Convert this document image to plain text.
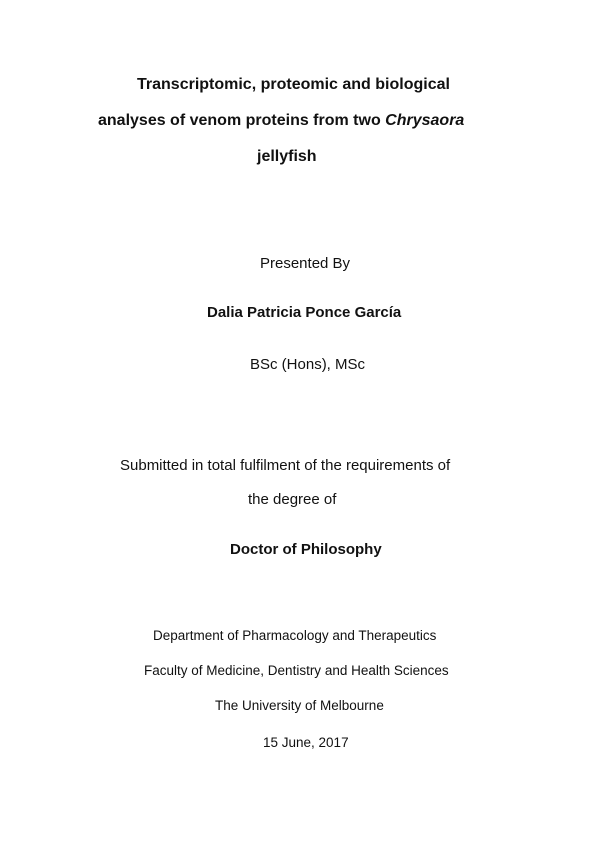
Transcriptomic, proteomic and biological
analyses of venom proteins from two Chrysaora
jellyfish
Presented By
Dalia Patricia Ponce García
BSc (Hons), MSc
Submitted in total fulfilment of the requirements of
the degree of
Doctor of Philosophy
Department of Pharmacology and Therapeutics
Faculty of Medicine, Dentistry and Health Sciences
The University of Melbourne
15 June, 2017
